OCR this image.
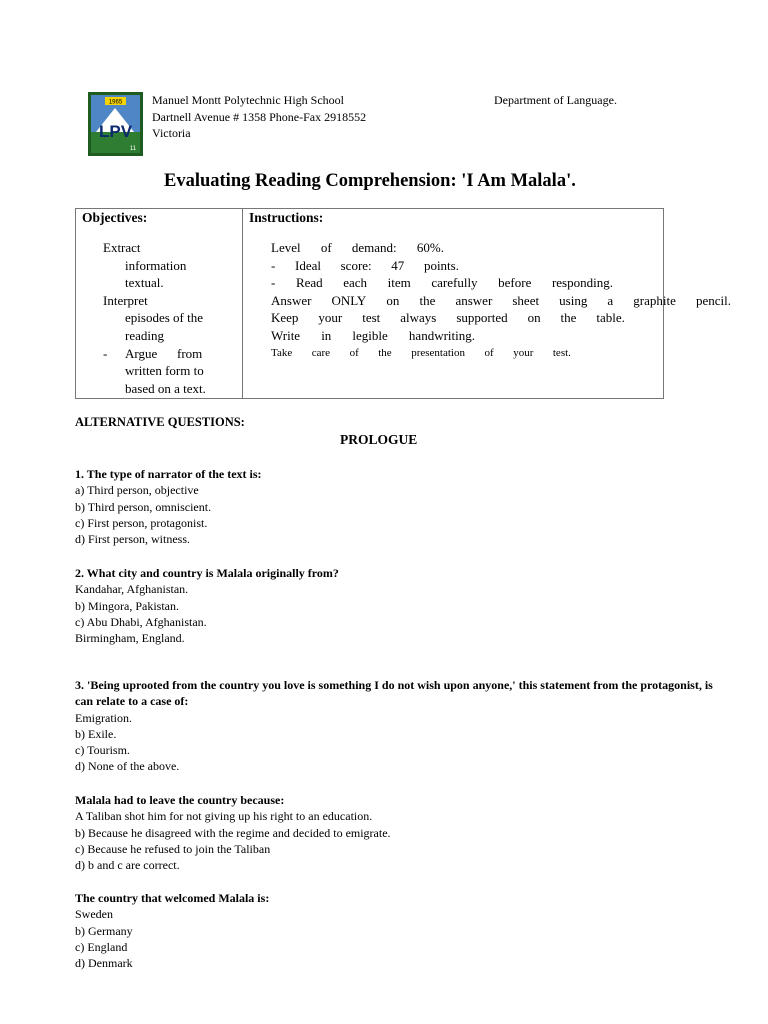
1965
LPV
11
Manuel Montt Polytechnic High School
Dartnell Avenue # 1358 Phone-Fax 2918552
Victoria
Department of Language.
Evaluating Reading Comprehension: 'I Am Malala'.
Objectives:	Instructions:
Extract
information
textual.
Interpret
episodes of the
reading
- Argue from
written form to
based on a text.
Level of demand: 60%.
- Ideal score: 47 points.
- Read each item carefully before responding.
Answer ONLY on the answer sheet using a graphite pencil.
Keep your test always supported on the table.
Write in legible handwriting.
Take care of the presentation of your test.
ALTERNATIVE QUESTIONS:
PROLOGUE
1. The type of narrator of the text is:
a) Third person, objective
b) Third person, omniscient.
c) First person, protagonist.
d) First person, witness.
2. What city and country is Malala originally from?
Kandahar, Afghanistan.
b) Mingora, Pakistan.
c) Abu Dhabi, Afghanistan.
Birmingham, England.
3. 'Being uprooted from the country you love is something I do not wish upon anyone,' this statement from the protagonist, is
can relate to a case of:
Emigration.
b) Exile.
c) Tourism.
d) None of the above.
Malala had to leave the country because:
A Taliban shot him for not giving up his right to an education.
b) Because he disagreed with the regime and decided to emigrate.
c) Because he refused to join the Taliban
d) b and c are correct.
The country that welcomed Malala is:
Sweden
b) Germany
c) England
d) Denmark
